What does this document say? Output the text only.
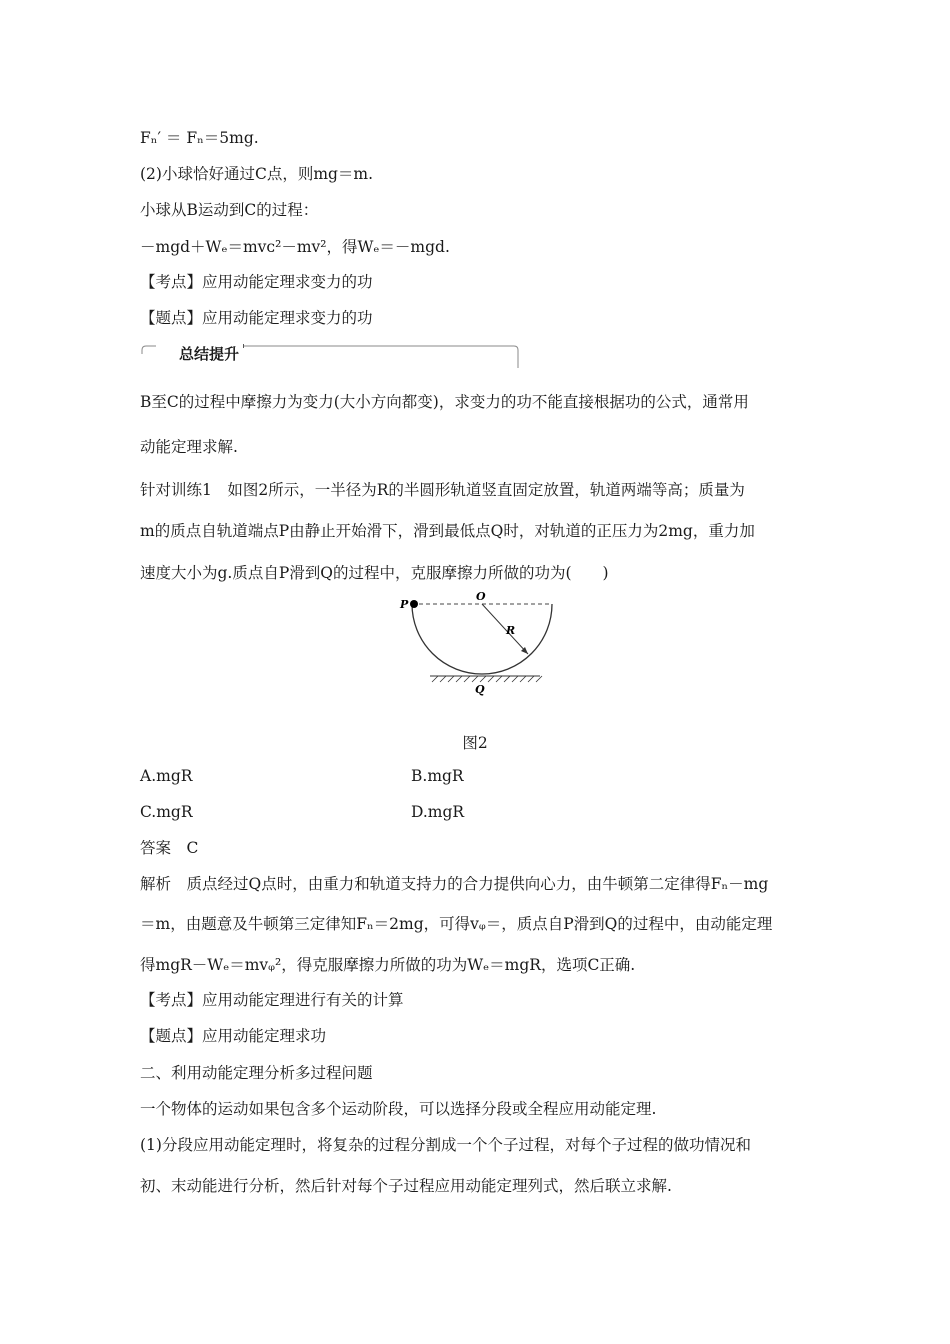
Fₙ′ ＝ Fₙ＝5mg.
(2)小球恰好通过C点，则mg＝m.
小球从B运动到C的过程：
－mgd＋Wₑ＝mvᴄ²－mv²，得Wₑ＝－mgd.
【考点】应用动能定理求变力的功
【题点】应用动能定理求变力的功
总结提升
B至C的过程中摩擦力为变力(大小方向都变)，求变力的功不能直接根据功的公式，通常用
动能定理求解.
针对训练1　如图2所示，一半径为R的半圆形轨道竖直固定放置，轨道两端等高；质量为
m的质点自轨道端点P由静止开始滑下，滑到最低点Q时，对轨道的正压力为2mg，重力加
速度大小为g.质点自P滑到Q的过程中，克服摩擦力所做的功为(　　)
P
O
R
Q
图2
A.mgR	B.mgR
C.mgR	D.mgR
答案　C
解析　质点经过Q点时，由重力和轨道支持力的合力提供向心力，由牛顿第二定律得Fₙ－mg
＝m，由题意及牛顿第三定律知Fₙ＝2mg，可得vᵩ＝，质点自P滑到Q的过程中，由动能定理
得mgR－Wₑ＝mvᵩ²，得克服摩擦力所做的功为Wₑ＝mgR，选项C正确.
【考点】应用动能定理进行有关的计算
【题点】应用动能定理求功
二、利用动能定理分析多过程问题
一个物体的运动如果包含多个运动阶段，可以选择分段或全程应用动能定理.
(1)分段应用动能定理时，将复杂的过程分割成一个个子过程，对每个子过程的做功情况和
初、末动能进行分析，然后针对每个子过程应用动能定理列式，然后联立求解.
